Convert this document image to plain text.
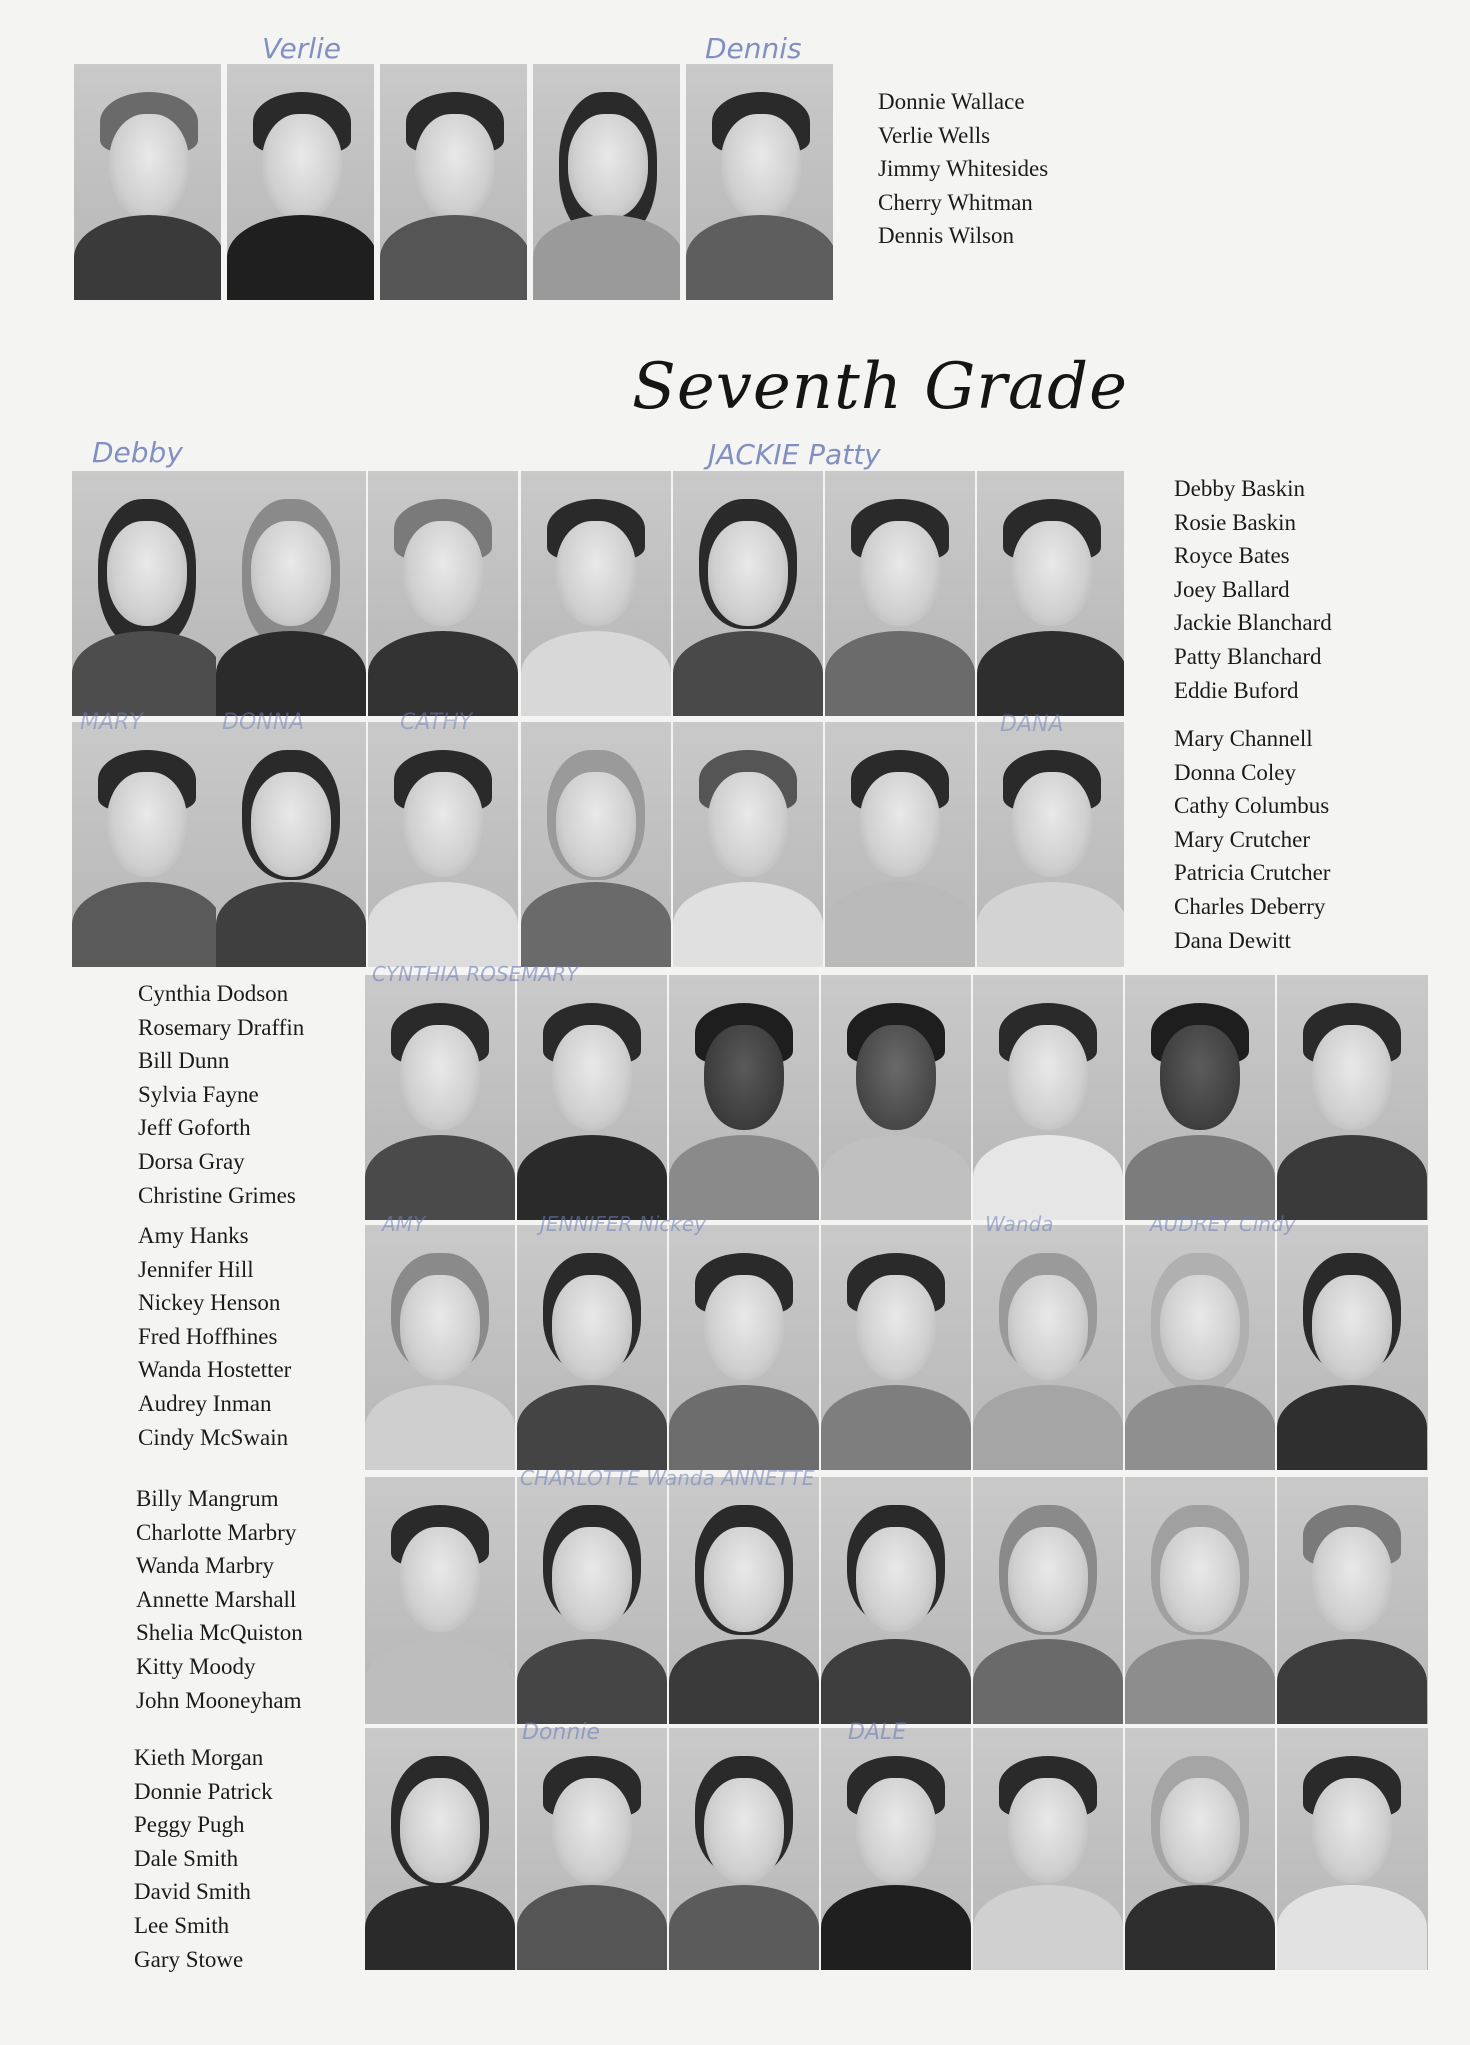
Verlie	Dennis
Donnie Wallace
Verlie Wells
Jimmy Whitesides
Cherry Whitman
Dennis Wilson
Seventh Grade
Debby	JACKIE Patty
Debby Baskin
Rosie Baskin
Royce Bates
Joey Ballard
Jackie Blanchard
Patty Blanchard
Eddie Buford
MARY	DONNA	CATHY	DANA
Mary Channell
Donna Coley
Cathy Columbus
Mary Crutcher
Patricia Crutcher
Charles Deberry
Dana Dewitt
Cynthia Dodson
Rosemary Draffin
Bill Dunn
Sylvia Fayne
Jeff Goforth
Dorsa Gray
Christine Grimes
CYNTHIA ROSEMARY
Amy Hanks
Jennifer Hill
Nickey Henson
Fred Hoffhines
Wanda Hostetter
Audrey Inman
Cindy McSwain
AMY	JENNIFER Nickey	Wanda	AUDREY Cindy
Billy Mangrum
Charlotte Marbry
Wanda Marbry
Annette Marshall
Shelia McQuiston
Kitty Moody
John Mooneyham
CHARLOTTE Wanda ANNETTE
Kieth Morgan
Donnie Patrick
Peggy Pugh
Dale Smith
David Smith
Lee Smith
Gary Stowe
Donnie	DALE
